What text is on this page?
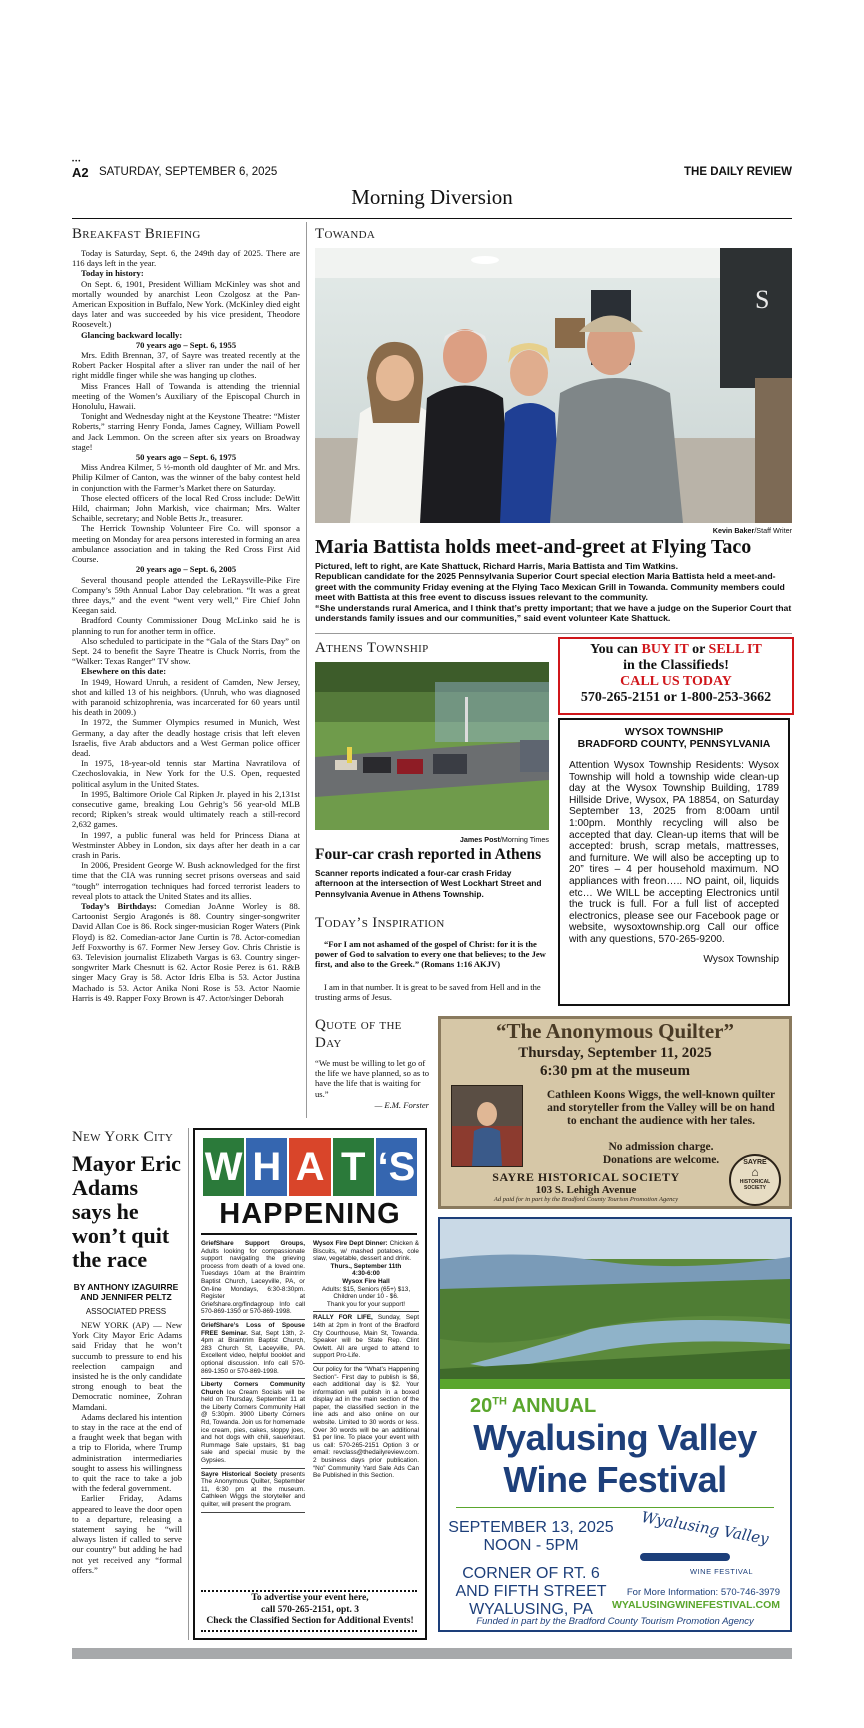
•••
A2 SATURDAY, SEPTEMBER 6, 2025	THE DAILY REVIEW
Morning Diversion
Breakfast Briefing

Today is Saturday, Sept. 6, the 249th day of 2025. There are 116 days left in the year.

Today in history:

On Sept. 6, 1901, President William McKinley was shot and mortally wounded by anarchist Leon Czolgosz at the Pan-American Exposition in Buffalo, New York. (McKinley died eight days later and was succeeded by his vice president, Theodore Roosevelt.)

Glancing backward locally:

70 years ago – Sept. 6, 1955

Mrs. Edith Brennan, 37, of Sayre was treated recently at the Robert Packer Hospital after a sliver ran under the nail of her right middle finger while she was hanging up clothes.

Miss Frances Hall of Towanda is attending the triennial meeting of the Women’s Auxiliary of the Episcopal Church in Honolulu, Hawaii.

Tonight and Wednesday night at the Keystone Theatre: “Mister Roberts,” starring Henry Fonda, James Cagney, William Powell and Jack Lemmon. On the screen after six years on Broadway stage!

50 years ago – Sept. 6, 1975

Miss Andrea Kilmer, 5 ½-month old daughter of Mr. and Mrs. Philip Kilmer of Canton, was the winner of the baby contest held in conjunction with the Farmer’s Market there on Saturday.

Those elected officers of the local Red Cross include: DeWitt Hild, chairman; John Markish, vice chairman; Mrs. Walter Schaible, secretary; and Noble Betts Jr., treasurer.

The Herrick Township Volunteer Fire Co. will sponsor a meeting on Monday for area persons interested in forming an area ambulance association and in taking the Red Cross First Aid Course.

20 years ago – Sept. 6, 2005

Several thousand people attended the LeRaysville-Pike Fire Company’s 59th Annual Labor Day celebration. “It was a great three days,” and the event “went very well,” Fire Chief John Keegan said.

Bradford County Commissioner Doug McLinko said he is planning to run for another term in office.

Also scheduled to participate in the “Gala of the Stars Day” on Sept. 24 to benefit the Sayre Theatre is Chuck Norris, from the “Walker: Texas Ranger” TV show.

Elsewhere on this date:

In 1949, Howard Unruh, a resident of Camden, New Jersey, shot and killed 13 of his neighbors. (Unruh, who was diagnosed with paranoid schizophrenia, was incarcerated for 60 years until his death in 2009.)

In 1972, the Summer Olympics resumed in Munich, West Germany, a day after the deadly hostage crisis that left eleven Israelis, five Arab abductors and a West German police officer dead.

In 1975, 18-year-old tennis star Martina Navratilova of Czechoslovakia, in New York for the U.S. Open, requested political asylum in the United States.

In 1995, Baltimore Oriole Cal Ripken Jr. played in his 2,131st consecutive game, breaking Lou Gehrig’s 56 year-old MLB record; Ripken’s streak would ultimately reach a still-record 2,632 games.

In 1997, a public funeral was held for Princess Diana at Westminster Abbey in London, six days after her death in a car crash in Paris.

In 2006, President George W. Bush acknowledged for the first time that the CIA was running secret prisons overseas and said “tough” interrogation techniques had forced terrorist leaders to reveal plots to attack the United States and its allies.

Today’s Birthdays: Comedian JoAnne Worley is 88. Cartoonist Sergio Aragonés is 88. Country singer-songwriter David Allan Coe is 86. Rock singer-musician Roger Waters (Pink Floyd) is 82. Comedian-actor Jane Curtin is 78. Actor-comedian Jeff Foxworthy is 67. Former New Jersey Gov. Chris Christie is 63. Television journalist Elizabeth Vargas is 63. Country singer-songwriter Mark Chesnutt is 62. Actor Rosie Perez is 61. R&B singer Macy Gray is 58. Actor Idris Elba is 53. Actor Justina Machado is 53. Actor Anika Noni Rose is 53. Actor Naomie Harris is 49. Rapper Foxy Brown is 47. Actor/singer Deborah

Towanda
S
Kevin Baker/Staff Writer
Maria Battista holds meet-and-greet at Flying Taco

Pictured, left to right, are Kate Shattuck, Richard Harris, Maria Battista and Tim Watkins.

Republican candidate for the 2025 Pennsylvania Superior Court special election Maria Battista held a meet-and-greet with the community Friday evening at the Flying Taco Mexican Grill in Towanda. Community members could meet with Battista at this free event to discuss issues relevant to the community.

“She understands rural America, and I think that’s pretty important; that we have a judge on the Superior Court that understands family issues and our communities,” said event volunteer Kate Shattuck.

Athens Township
James Post/Morning Times
Four-car crash reported in Athens
Scanner reports indicated a four-car crash Friday afternoon at the intersection of West Lockhart Street and Pennsylvania Avenue in Athens Township.
Today’s Inspiration
“For I am not ashamed of the gospel of Christ: for it is the power of God to salvation to every one that believes; to the Jew first, and also to the Greek.” (Romans 1:16 AKJV)
I am in that number. It is great to be saved from Hell and in the trusting arms of Jesus.
Quote of the
Day
“We must be willing to let go of the life we have planned, so as to have the life that is waiting for us.”
— E.M. Forster
You can BUY IT or SELL IT
in the Classifieds!
CALL US TODAY
570-265-2151 or 1-800-253-3662
WYSOX TOWNSHIP
BRADFORD COUNTY, PENNSYLVANIA
Attention Wysox Township Residents: Wysox Township will hold a township wide clean-up day at the Wysox Township Building, 1789 Hillside Drive, Wysox, PA 18854, on Saturday September 13, 2025 from 8:00am until 1:00pm. Monthly recycling will also be accepted that day. Clean-up items that will be accepted: brush, scrap metals, mattresses, and furniture. We will also be accepting up to 20” tires – 4 per household maximum. NO appliances with freon….. NO paint, oil, liquids etc… We WILL be accepting Electronics until the truck is full. For a full list of accepted electronics, please see our Facebook page or website, wysoxtownship.org Call our office with any questions, 570-265-9200.
Wysox Township
“The Anonymous Quilter”
Thursday, September 11, 2025
6:30 pm at the museum
Cathleen Koons Wiggs, the well-known quilter and storyteller from the Valley will be on hand to enchant the audience with her tales.
No admission charge.
Donations are welcome.
SAYRE HISTORICAL SOCIETY
103 S. Lehigh Avenue
Ad paid for in part by the Bradford County Tourism Promotion Agency
SAYRE
⌂
HISTORICAL
SOCIETY
New York City
Mayor Eric Adams says he won’t quit the race
BY ANTHONY IZAGUIRRE AND JENNIFER PELTZ
ASSOCIATED PRESS

NEW YORK (AP) — New York City Mayor Eric Adams said Friday that he won’t succumb to pressure to end his reelection campaign and insisted he is the only candidate strong enough to beat the Democratic nominee, Zohran Mamdani.

Adams declared his intention to stay in the race at the end of a fraught week that began with a trip to Florida, where Trump administration intermediaries sought to assess his willingness to quit the race to take a job with the federal government.

Earlier Friday, Adams appeared to leave the door open to a departure, releasing a statement saying he “will always listen if called to serve our country” but adding he had not yet received any “formal offers.”

W H A T ‘S
HAPPENING
GriefShare Support Groups, Adults looking for compassionate support navigating the grieving process from death of a loved one. Tuesdays 10am at the Braintrim Baptist Church, Laceyville, PA, or On-line Mondays, 6:30-8:30pm. Register at Griefshare.org/findagroup Info call 570-869-1350 or 570-869-1998.
GriefShare’s Loss of Spouse FREE Seminar. Sat, Sept 13th, 2-4pm at Braintrim Baptist Church, 283 Church St, Laceyville, PA. Excellent video, helpful booklet and optional discussion. Info call 570-869-1350 or 570-869-1998.
Liberty Corners Community Church Ice Cream Socials will be held on Thursday, September 11 at the Liberty Corners Community Hall @ 5:30pm. 3900 Liberty Corners Rd, Towanda. Join us for homemade ice cream, pies, cakes, sloppy joes, and hot dogs with chili, sauerkraut. Rummage Sale upstairs, $1 bag sale and special music by the Gypsies.
Sayre Historical Society presents The Anonymous Quilter, September 11, 6:30 pm at the museum. Cathleen Wiggs the storyteller and quilter, will present the program.
Wysox Fire Dept Dinner: Chicken & Biscuits, w/ mashed potatoes, cole slaw, vegetable, dessert and drink.
Thurs., September 11th
4:30-6:00
Wysox Fire Hall
Adults: $15, Seniors (65+) $13, Children under 10 - $6.
Thank you for your support!
RALLY FOR LIFE, Sunday, Sept 14th at 2pm in front of the Bradford Cty Courthouse, Main St, Towanda. Speaker will be State Rep. Clint Owlett. All are urged to attend to support Pro-Life.
Our policy for the “What’s Happening Section”- First day to publish is $6, each additional day is $2. Your information will publish in a boxed display ad in the main section of the paper, the classified section in the line ads and also online on our website. Limited to 30 words or less. Over 30 words will be an additional $1 per line. To place your event with us call: 570-265-2151 Option 3 or email: revclass@thedailyreview.com. 2 business days prior publication. “No” Community Yard Sale Ads Can Be Published in this Section.
To advertise your event here,
call 570-265-2151, opt. 3
Check the Classified Section for Additional Events!
20TH ANNUAL
Wyalusing Valley
Wine Festival
SEPTEMBER 13, 2025
NOON - 5PM
CORNER OF RT. 6
AND FIFTH STREET
WYALUSING, PA
Wyalusing Valley
WINE FESTIVAL
For More Information: 570-746-3979
WYALUSINGWINEFESTIVAL.COM
Funded in part by the Bradford County Tourism Promotion Agency
